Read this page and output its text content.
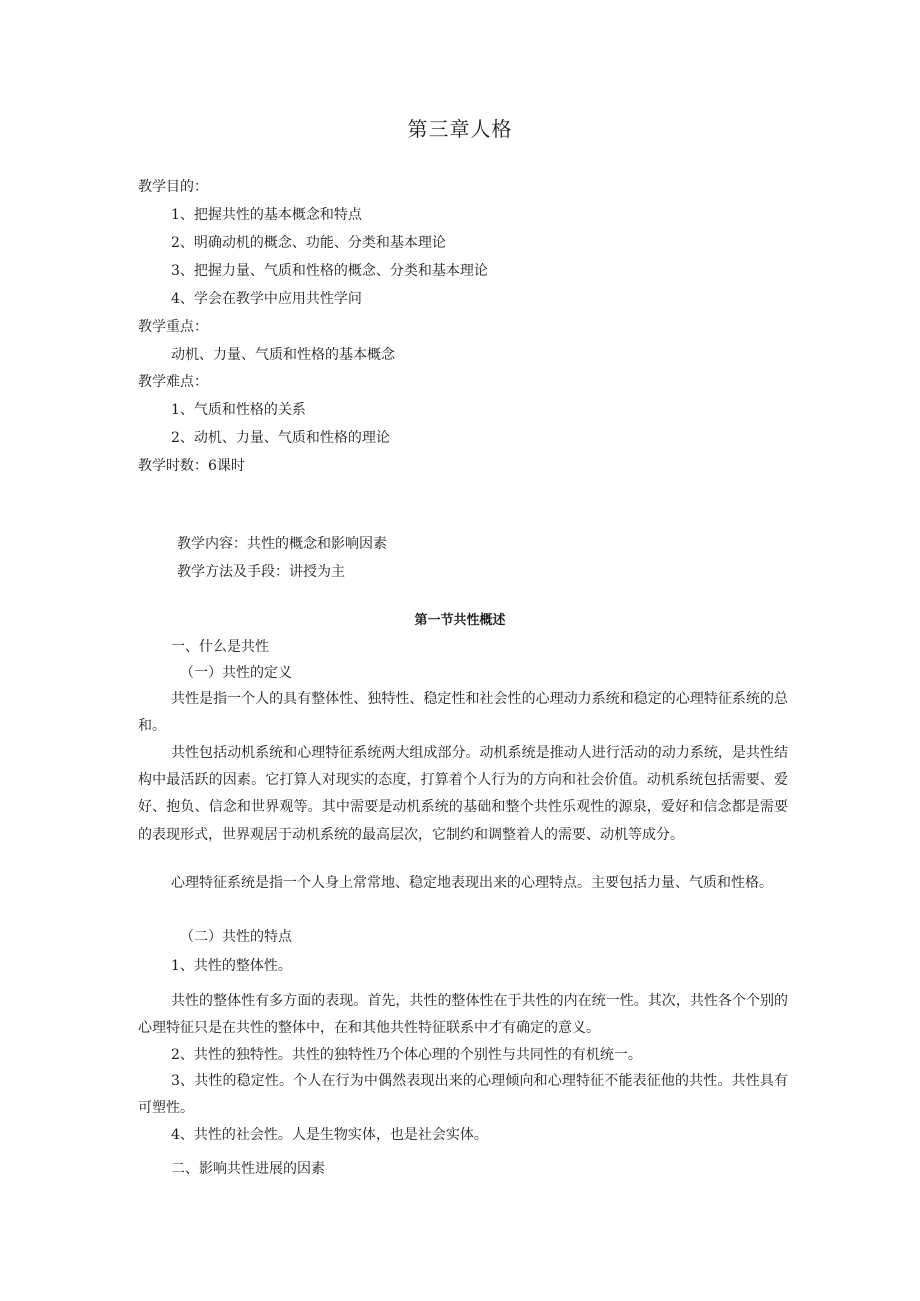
第三章人格
教学目的：
1、把握共性的基本概念和特点
2、明确动机的概念、功能、分类和基本理论
3、把握力量、气质和性格的概念、分类和基本理论
4、学会在教学中应用共性学问
教学重点：
动机、力量、气质和性格的基本概念
教学难点：
1、气质和性格的关系
2、动机、力量、气质和性格的理论
教学时数：6课时
教学内容：共性的概念和影响因素
教学方法及手段：讲授为主
第一节共性概述
一、什么是共性
（一）共性的定义
共性是指一个人的具有整体性、独特性、稳定性和社会性的心理动力系统和稳定的心理特征系统的总和。
共性包括动机系统和心理特征系统两大组成部分。动机系统是推动人进行活动的动力系统，是共性结构中最活跃的因素。它打算人对现实的态度，打算着个人行为的方向和社会价值。动机系统包括需要、爱好、抱负、信念和世界观等。其中需要是动机系统的基础和整个共性乐观性的源泉，爱好和信念都是需要的表现形式，世界观居于动机系统的最高层次，它制约和调整着人的需要、动机等成分。
心理特征系统是指一个人身上常常地、稳定地表现出来的心理特点。主要包括力量、气质和性格。
（二）共性的特点
1、共性的整体性。
共性的整体性有多方面的表现。首先，共性的整体性在于共性的内在统一性。其次，共性各个个别的心理特征只是在共性的整体中，在和其他共性特征联系中才有确定的意义。
2、共性的独特性。共性的独特性乃个体心理的个别性与共同性的有机统一。
3、共性的稳定性。个人在行为中偶然表现出来的心理倾向和心理特征不能表征他的共性。共性具有可塑性。
4、共性的社会性。人是生物实体，也是社会实体。
二、影响共性进展的因素
